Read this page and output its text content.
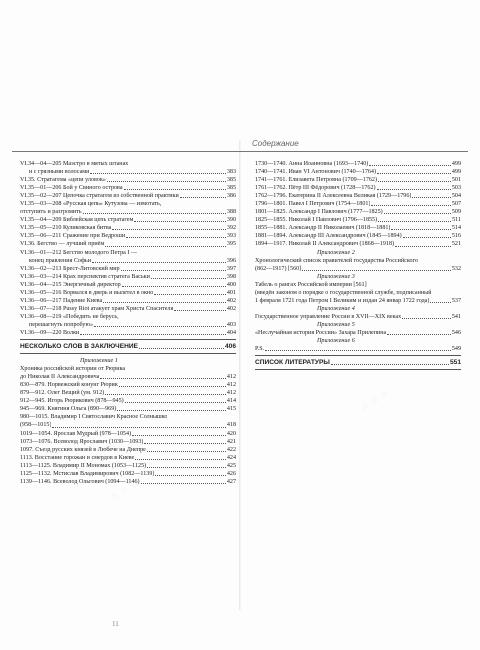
Содержание
VI.34—04—205 Маэстро в мятых штанах
и с грязными волосами	383
VI.35. Стратагема «цепи уловок»	385
VI.35—01—206 Бой у Свиного острова	385
VI.35—02—207 Цепочка стратагем из собственной практики	386
VI.35—03—208 «Русская цепь» Кутузова — измотать,
отступить и разгромить	388
VI.35—04—209 Библейская цепь стратагем	390
VI.35—05—210 Куликовская битва	392
VI.35—06—211 Сражение при Ведроши	393
VI.36. Бегство — лучший приём	395
VI.36—01—212 Бегство молодого Петра I —
конец правления Софьи	396
VI.36—02—213 Брест-Литовский мир	397
VI.36—03—214 Крах перспектив стратега Васьки	398
VI.36—04—215 Энергичный директор	400
VI.36—05—216 Ворвался в дверь и вылетел в окно	401
VI.36—06—217 Падение Киева	402
VI.36—07—218 Pussy Riot атакует храм Христа Спасителя	402
VI.36—08—219 «Победить не берусь,
перешагнуть попробую»	403
VI.36—09—220 Волки	404
НЕСКОЛЬКО СЛОВ В ЗАКЛЮЧЕНИЕ	406
Приложение 1
Хроника российской истории от Рюрика
до Николая II Александровича	412
830—879. Норвежский конунг Рюрик	412
879—912. Олег Вещий (ум. 912)	412
912—945. Игорь Рюрикович (878—945)	414
945—969. Княгиня Ольга (890—969)	415
980—1015. Владимир I Святославич Красное Солнышко
(958—1015)	418
1019—1054. Ярослав Мудрый (978—1054)	420
1073—1076. Всеволод Ярославич (1030—1093)	421
1097. Съезд русских князей в Любече на Днепре	422
1113. Восстание горожан и смердов в Киеве	424
1113—1125. Владимир II Мономах (1053—1125)	425
1125—1132. Мстислав Владимирович (1082—1139)	426
1139—1146. Всеволод Ольгович (1094—1146)	427
11
1730—1740. Анна Иоанновна (1693—1740)	499
1740—1741. Иван VI Антонович (1740—1764)	499
1741—1761. Елизавета Петровна (1709—1762)	501
1761—1762. Пётр III Фёдорович (1728—1762)	503
1762—1796. Екатерина II Алексеевна Великая (1729—1796)	504
1796—1801. Павел I Петрович (1754—1801)	507
1801—1825. Александр I Павлович (1777—1825)	509
1825—1855. Николай I Павлович (1796—1855)	511
1855—1881. Александр II Николаевич (1818—1881)	514
1881—1894. Александр III Александрович (1845—1894)	516
1894—1917. Николай II Александрович (1868—1918)	521
Приложение 2
Хронологический список правителей государства Российского
(862—1917) [560]	532
Приложение 3
Табель о рангах Российской империи [561]
(введён законом о порядке о государственной службе, подписанный
1 февраля 1721 года Петром I Великим и издан 24 январ 1722 года)	537
Приложение 4
Государственное управление России в XVII—XIX веках	541
Приложение 5
«Неслучайная история России» Захара Прилепина	546
Приложение 6
P.S.	549
СПИСОК ЛИТЕРАТУРЫ	551
